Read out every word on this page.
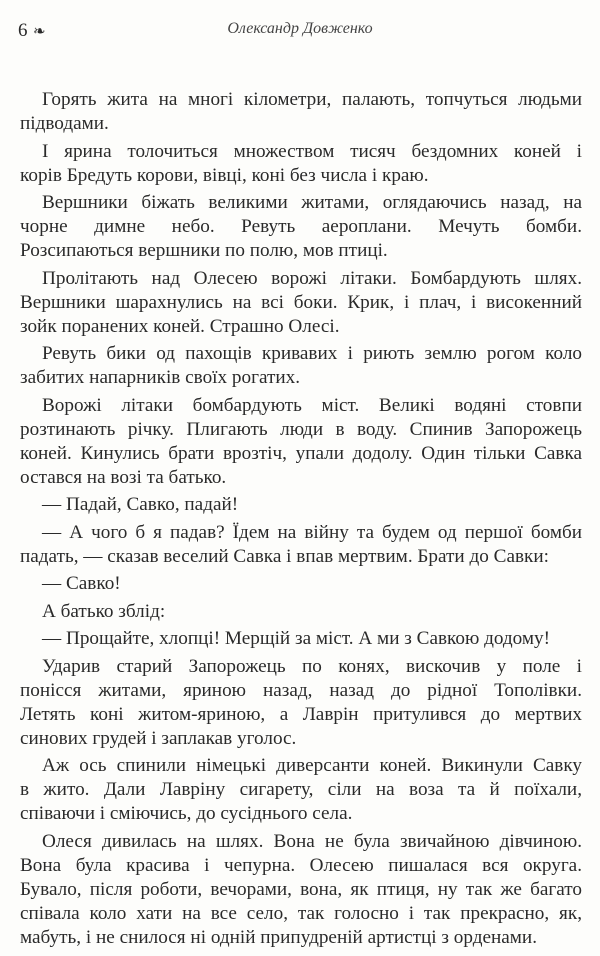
6 ❧	Олександр Довженко
Горять жита на многі кілометри, палають, топчуться людьми
підводами.
І ярина толочиться множеством тисяч бездомних коней і
корів Бредуть корови, вівці, коні без числа і краю.
Вершники біжать великими житами, оглядаючись назад, на
чорне димне небо. Ревуть аероплани. Мечуть бомби.
Розсипаються вершники по полю, мов птиці.
Пролітають над Олесею ворожі літаки. Бомбардують шлях.
Вершники шарахнулись на всі боки. Крик, і плач, і високенний
зойк поранених коней. Страшно Олесі.
Ревуть бики од пахощів кривавих і риють землю рогом коло
забитих напарників своїх рогатих.
Ворожі літаки бомбардують міст. Великі водяні стовпи
розтинають річку. Плигають люди в воду. Спинив Запорожець
коней. Кинулись брати врозтіч, упали додолу. Один тільки Савка
остався на возі та батько.
— Падай, Савко, падай!
— А чого б я падав? Їдем на війну та будем од першої бомби
падать, — сказав веселий Савка і впав мертвим. Брати до Савки:
— Савко!
А батько зблід:
— Прощайте, хлопці! Мерщій за міст. А ми з Савкою додому!
Ударив старий Запорожець по конях, вискочив у поле і
понісся житами, яриною назад, назад до рідної Тополівки.
Летять коні житом-яриною, а Лаврін притулився до мертвих
синових грудей і заплакав уголос.
Аж ось спинили німецькі диверсанти коней. Викинули Савку
в жито. Дали Лавріну сигарету, сіли на воза та й поїхали,
співаючи і сміючись, до сусіднього села.
Олеся дивилась на шлях. Вона не була звичайною дівчиною.
Вона була красива і чепурна. Олесею пишалася вся округа.
Бувало, після роботи, вечорами, вона, як птиця, ну так же багато
співала коло хати на все село, так голосно і так прекрасно, як,
мабуть, і не снилося ні одній припудреній артистці з орденами.
